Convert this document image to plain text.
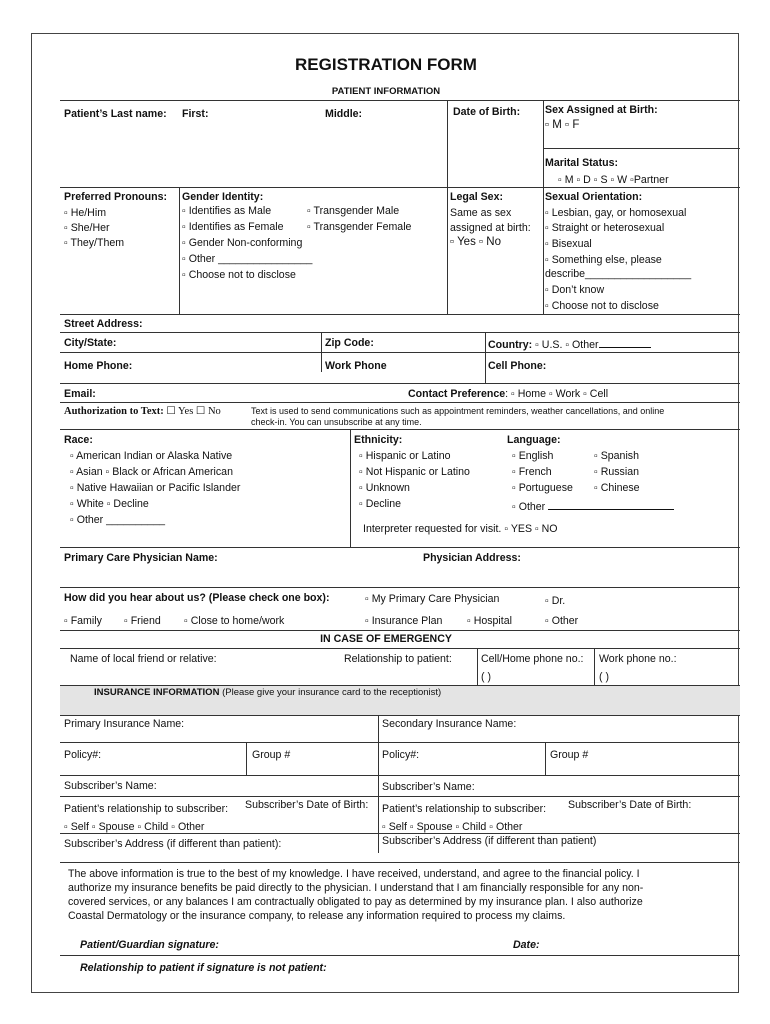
REGISTRATION FORM
PATIENT INFORMATION
Patient’s Last name: First:	Middle:	Date of Birth: Sex Assigned at Birth:
▫ M ▫ F
Marital Status:
▫ M ▫ D ▫ S ▫ W ▫Partner
Preferred Pronouns:
▫ He/Him
▫ She/Her
▫ They/Them
Gender Identity:
▫ Identifies as Male
▫ Identifies as Female
▫ Gender Non-conforming
▫ Other ________________
▫ Choose not to disclose
▫ Transgender Male
▫ Transgender Female
Legal Sex:
Same as sex
assigned at birth:
▫ Yes ▫ No
Sexual Orientation:
▫ Lesbian, gay, or homosexual
▫ Straight or heterosexual
▫ Bisexual
▫ Something else, please
describe__________________
▫ Don’t know
▫ Choose not to disclose
Street Address:
City/State:	Zip Code:	Country: ▫ U.S. ▫ Other
Home Phone:	Work Phone	Cell Phone:
Email:	Contact Preference: ▫ Home ▫ Work ▫ Cell
Authorization to Text: ☐ Yes ☐ No	Text is used to send communications such as appointment reminders, weather cancellations, and online
check-in. You can unsubscribe at any time.
Race:
▫ American Indian or Alaska Native
▫ Asian ▫ Black or African American
▫ Native Hawaiian or Pacific Islander
▫ White ▫ Decline
▫ Other __________
Ethnicity:
▫ Hispanic or Latino
▫ Not Hispanic or Latino
▫ Unknown
▫ Decline
Language:
▫ English
▫ French
▫ Portuguese
▫ Other
▫ Spanish
▫ Russian
▫ Chinese
Interpreter requested for visit. ▫ YES ▫ NO
Primary Care Physician Name:	Physician Address:
How did you hear about us? (Please check one box):	▫ My Primary Care Physician	▫ Dr.
▫ Family ▫ Friend ▫ Close to home/work	▫ Insurance Plan ▫ Hospital	▫ Other
IN CASE OF EMERGENCY
Name of local friend or relative:	Relationship to patient:	Cell/Home phone no.: Work phone no.:
( )	( )
INSURANCE INFORMATION (Please give your insurance card to the receptionist)
Primary Insurance Name:	Secondary Insurance Name:
Policy#:	Group #	Policy#:	Group #
Subscriber’s Name:	Subscriber’s Name:
Patient’s relationship to subscriber: Subscriber’s Date of Birth: Patient’s relationship to subscriber: Subscriber’s Date of Birth:
▫ Self ▫ Spouse ▫ Child ▫ Other	▫ Self ▫ Spouse ▫ Child ▫ Other
Subscriber’s Address (if different than patient):	Subscriber’s Address (if different than patient)
The above information is true to the best of my knowledge. I have received, understand, and agree to the financial policy. I
authorize my insurance benefits be paid directly to the physician. I understand that I am financially responsible for any non-
covered services, or any balances I am contractually obligated to pay as determined by my insurance plan. I also authorize
Coastal Dermatology or the insurance company, to release any information required to process my claims.
Patient/Guardian signature:	Date:
Relationship to patient if signature is not patient:
